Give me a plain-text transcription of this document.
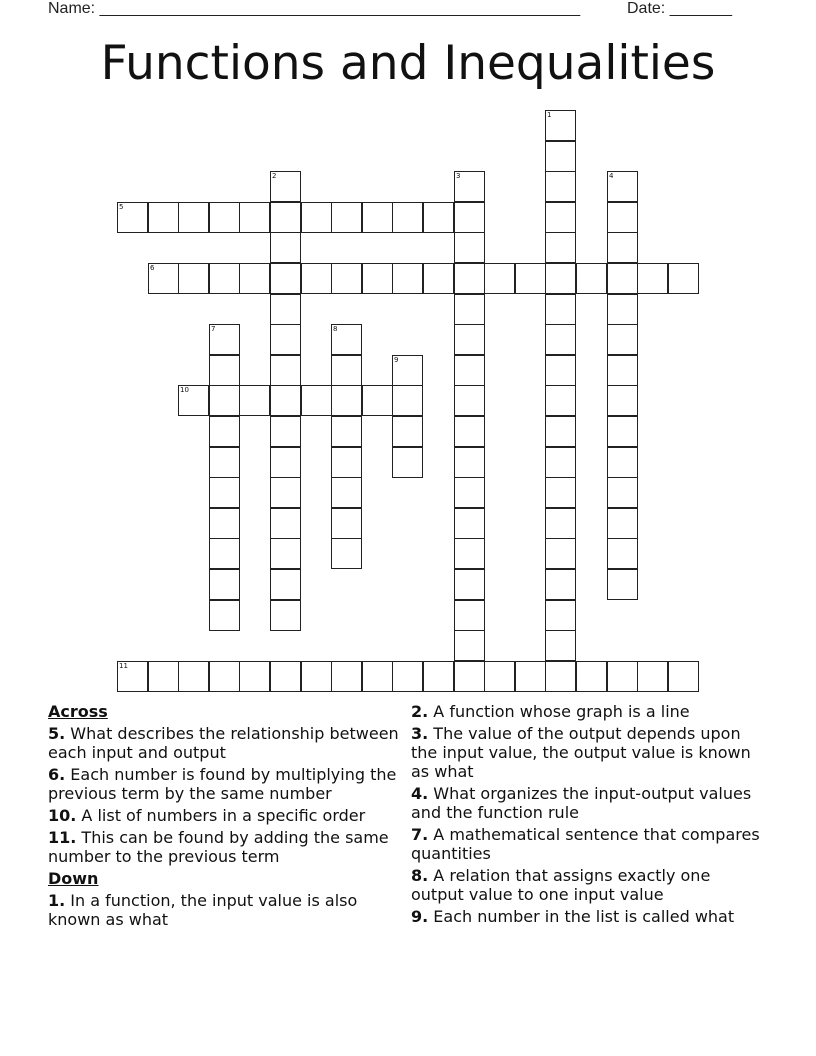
Name: ______________________________________________________	Date: _______
Functions and Inequalities
1
2	3	4
5
6
7	8
9
10
11
Across
5. What describes the relationship between each input and output
6. Each number is found by multiplying the previous term by the same number
10. A list of numbers in a specific order
11. This can be found by adding the same number to the previous term
Down
1. In a function, the input value is also known as what
2. A function whose graph is a line
3. The value of the output depends upon the input value, the output value is known as what
4. What organizes the input-output values and the function rule
7. A mathematical sentence that compares quantities
8. A relation that assigns exactly one output value to one input value
9. Each number in the list is called what
